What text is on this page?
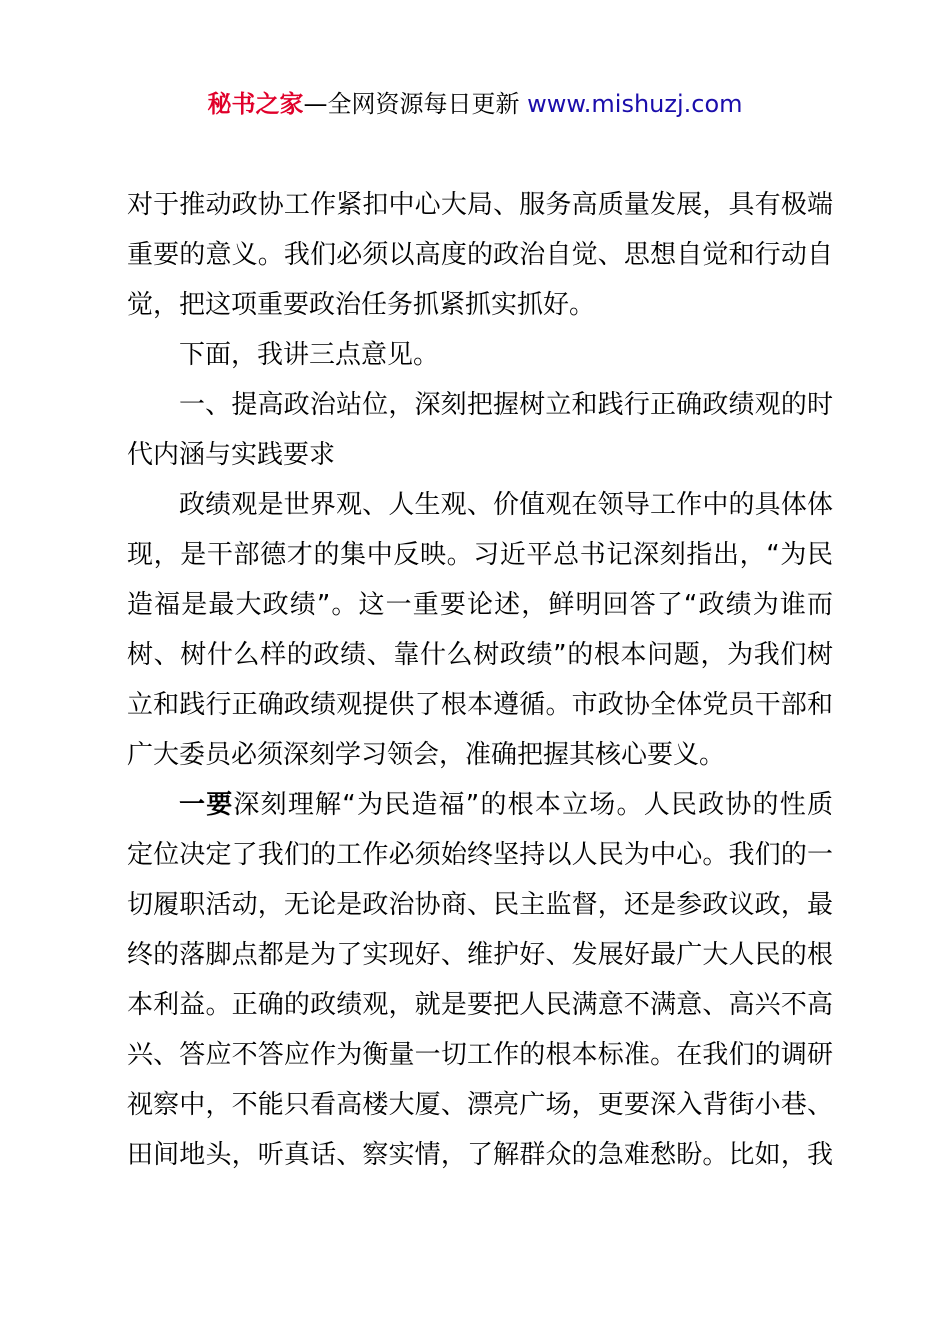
秘书之家—全网资源每日更新 www.mishuzj.com
对于推动政协工作紧扣中心大局、服务高质量发展，具有极端
重要的意义。我们必须以高度的政治自觉、思想自觉和行动自
觉，把这项重要政治任务抓紧抓实抓好。
下面，我讲三点意见。
一、提高政治站位，深刻把握树立和践行正确政绩观的时
代内涵与实践要求
政绩观是世界观、人生观、价值观在领导工作中的具体体
现，是干部德才的集中反映。习近平总书记深刻指出，“为民
造福是最大政绩”。这一重要论述，鲜明回答了“政绩为谁而
树、树什么样的政绩、靠什么树政绩”的根本问题，为我们树
立和践行正确政绩观提供了根本遵循。市政协全体党员干部和
广大委员必须深刻学习领会，准确把握其核心要义。
一要深刻理解“为民造福”的根本立场。人民政协的性质
定位决定了我们的工作必须始终坚持以人民为中心。我们的一
切履职活动，无论是政治协商、民主监督，还是参政议政，最
终的落脚点都是为了实现好、维护好、发展好最广大人民的根
本利益。正确的政绩观，就是要把人民满意不满意、高兴不高
兴、答应不答应作为衡量一切工作的根本标准。在我们的调研
视察中，不能只看高楼大厦、漂亮广场，更要深入背街小巷、
田间地头，听真话、察实情，了解群众的急难愁盼。比如，我
